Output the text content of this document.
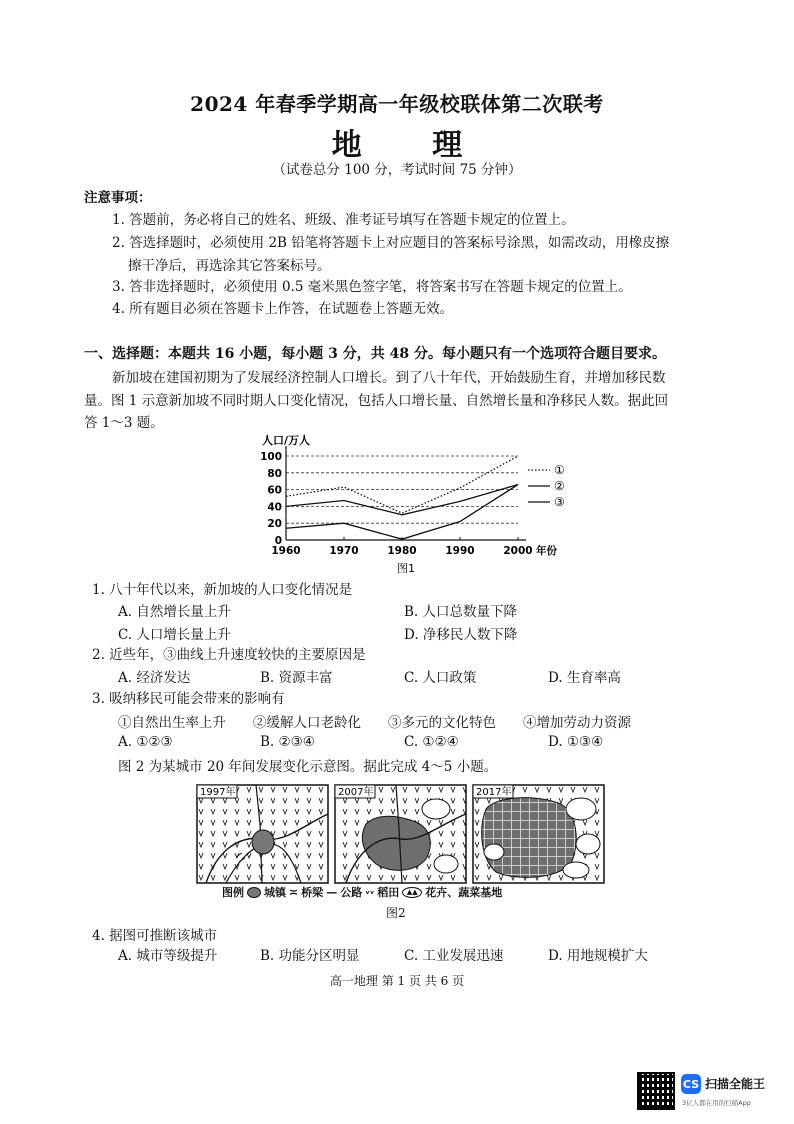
2024 年春季学期高一年级校联体第二次联考
地 理
（试卷总分 100 分，考试时间 75 分钟）
注意事项：
1. 答题前，务必将自己的姓名、班级、准考证号填写在答题卡规定的位置上。
2. 答选择题时，必须使用 2B 铅笔将答题卡上对应题目的答案标号涂黑，如需改动，用橡皮擦
擦干净后，再选涂其它答案标号。
3. 答非选择题时，必须使用 0.5 毫米黑色签字笔，将答案书写在答题卡规定的位置上。
4. 所有题目必须在答题卡上作答，在试题卷上答题无效。
一、选择题：本题共 16 小题，每小题 3 分，共 48 分。每小题只有一个选项符合题目要求。
新加坡在建国初期为了发展经济控制人口增长。到了八十年代，开始鼓励生育，并增加移民数
量。图 1 示意新加坡不同时期人口变化情况，包括人口增长量、自然增长量和净移民人数。据此回
答 1～3 题。
人口/万人
0
20
40
60
80
100
1960	1970	1980	1990	2000 年份
①
②
③
图1
1. 八十年代以来，新加坡的人口变化情况是
A. 自然增长量上升	B. 人口总数量下降
C. 人口增长量上升	D. 净移民人数下降
2. 近些年，③曲线上升速度较快的主要原因是
A. 经济发达	B. 资源丰富	C. 人口政策	D. 生育率高
3. 吸纳移民可能会带来的影响有
①自然出生率上升　　②缓解人口老龄化　　③多元的文化特色　　④增加劳动力资源
A. ①②③	B. ②③④	C. ①②④	D. ①③④
图 2 为某城市 20 年间发展变化示意图。据此完成 4～5 小题。
1997年	2007年	2017年
图例 城镇 ≍ 桥梁 — 公路 ᵥᵥ 稻田	▲▲ 花卉、蔬菜基地
图2
4. 据图可推断该城市
A. 城市等级提升	B. 功能分区明显	C. 工业发展迅速	D. 用地规模扩大
高一地理 第 1 页 共 6 页
CS 扫描全能王
3亿人都在用的扫描App
